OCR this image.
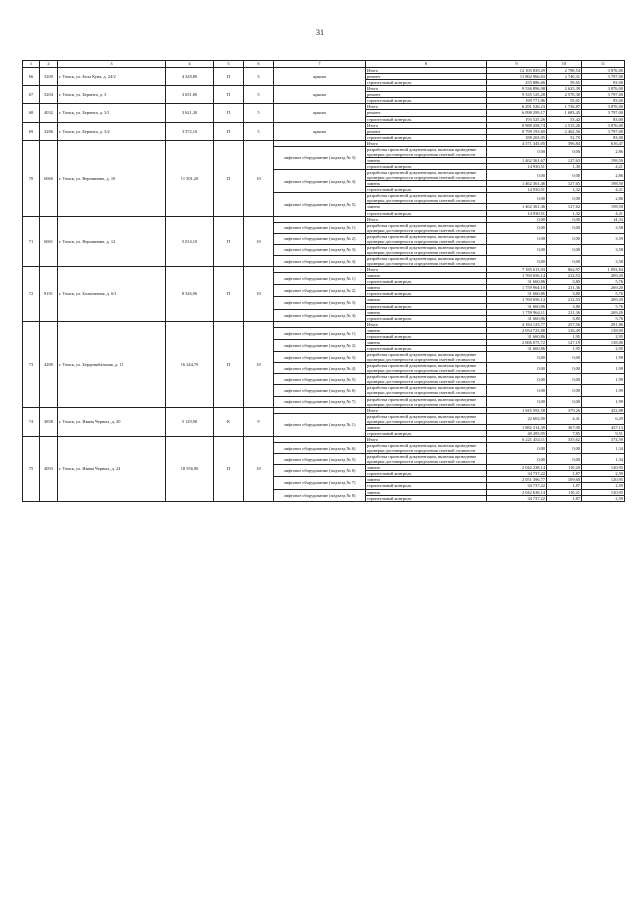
31
1	2	3	4	5	6	7	8	9	10	11
66	5200	г. Томск, ул. Бела Куна, д. 24/2	4 328,80	П	5	крыша	Итого	12 105 839,29	2 798,54	3 876,00
							ремонт	11 862 966,63	2 740,31	3 797,00
							строительный контроль	255 886,66	59,65	83,00
67	5204	г. Томск, ул. Беринга, д. 3	3 651,80	П	5	крыша	Итого	9 536 896,98	2 625,39	3 876,00
							ремонт	9 335 125,28	2 570,38	3 797,00
							строительный контроль	199 771,86	55,01	83,00
68	4032	г. Томск, ул. Беринга, д. 3/1	3 621,30	П	5	крыша	Итого	6 291 526,23	1 736,87	3 876,00
							ремонт	6 098 299,17	1 683,45	3 797,00
							строительный контроль	193 525,26	53,42	83,00
69	3286	г. Томск, ул. Беринга, д. 3/2	3 572,10	П	5	крыша	Итого	8 988 458,74	2 515,26	3 876,00
							ремонт	8 799 193,69	2 462,56	3 797,00
							строительный контроль	188 265,05	52,70	83,00
70	6060	г. Томск, ул. Вершинина, д. 10	11 501,20	П	10		Итого	4 571 345,05	396,84	616,47
						лифтовое оборудование (подъезд № 3)	разработка проектной документации, включая проведение проверки достоверности определения сметной стоимости	0,00	0,00	2,86
							замена	1 462 361,67	127,63	198,50
							строительный контроль	14 930,51	1,30	4,21
						лифтовое оборудование (подъезд № 4)	разработка проектной документации, включая проведение проверки достоверности определения сметной стоимости	0,00	0,00	2,86
							замена	1 462 361,46	127,65	198,50
							строительный контроль	14 930,51	1,32	4,21
						лифтовое оборудование (подъезд № 5)	разработка проектной документации, включая проведение проверки достоверности определения сметной стоимости	0,00	0,00	2,86
							замена	1 462 361,46	127,62	198,50
							строительный контроль	14 930,51	1,32	4,21
71	6061	г. Томск, ул. Вершинина, д. 12	5 014,10	П	10		Итого	0,00	0,00	14,33
						лифтовое оборудование (подъезд № 1)	разработка проектной документации, включая проведение проверки достоверности определения сметной стоимости	0,00	0,00	3,58
						лифтовое оборудование (подъезд № 2)	разработка проектной документации, включая проведение проверки достоверности определения сметной стоимости	0,00	0,00	3,59
						лифтовое оборудование (подъезд № 3)	разработка проектной документации, включая проведение проверки достоверности определения сметной стоимости	0,00	0,00	3,58
						лифтовое оборудование (подъезд № 4)	разработка проектной документации, включая проведение проверки достоверности определения сметной стоимости	0,00	0,00	3,58
72	8191	г. Томск, ул. Больничная, д. 6/1	8 326,96	П	10		Итого	7 185 613,93	862,97	1 093,84
						лифтовое оборудование (подъезд № 1)	замена	1 769 656,14	212,53	269,20
							строительный контроль	31 660,86	3,80	5,76
						лифтовое оборудование (подъезд № 2)	замена	1 759 964,10	211,36	269,20
							строительный контроль	31 660,86	3,80	5,76
						лифтовое оборудование (подъезд № 3)	замена	1 769 656,14	212,53	269,20
							строительный контроль	31 660,86	3,80	5,76
						лифтовое оборудование (подъезд № 4)	замена	1 759 964,11	211,36	269,20
							строительный контроль	31 660,86	3,80	5,76
73	4280	г. Томск, ул. Бердникбальная, д. 11	16 244,79	П	10		Итого	4 184 123,77	257,56	291,86
						лифтовое оборудование (подъезд № 1)	замена	2 054 723,88	126,49	138,00
							строительный контроль	31 660,86	1,95	2,95
						лифтовое оборудование (подъезд № 2)	замена	2 066 075,72	127,19	138,00
							строительный контроль	31 660,86	1,95	2,95
						лифтовое оборудование (подъезд № 3)	разработка проектной документации, включая проведение проверки достоверности определения сметной стоимости	0,00	0,00	1,99
						лифтовое оборудование (подъезд № 4)	разработка проектной документации, включая проведение проверки достоверности определения сметной стоимости	0,00	0,00	1,99
						лифтовое оборудование (подъезд № 5)	разработка проектной документации, включая проведение проверки достоверности определения сметной стоимости	0,00	0,00	1,99
						лифтовое оборудование (подъезд № 6)	разработка проектной документации, включая проведение проверки достоверности определения сметной стоимости	0,00	0,00	1,99
						лифтовое оборудование (подъезд № 7)	разработка проектной документации, включая проведение проверки достоверности определения сметной стоимости	0,00	0,00	1,99
74	4858	г. Томск, ул. Ивана Черных, д. 20	5 129,90	К	9		Итого	1 945 593,58	379,26	452,88
						лифтовое оборудование (подъезд № 1)	разработка проектной документации, включая проведение проверки достоверности определения сметной стоимости	22 602,00	4,41	6,29
							замена	1 882 314,39	367,00	437,13
							строительный контроль	40 285,95	7,85	9,51
75	4093	г. Томск, ул. Ивана Черных, д. 24	18 556,90	П	10		Итого	6 221 454,11	335,62	374,59
						лифтовое оборудование (подъезд № 6)	разработка проектной документации, включая проведение проверки достоверности определения сметной стоимости	0,00	0,00	1,34
						лифтовое оборудование (подъезд № 5)	разработка проектной документации, включая проведение проверки достоверности определения сметной стоимости	0,00	0,00	1,34
						лифтовое оборудование (подъезд № 6)	замена	2 042 238,14	110,20	120,95
							строительный контроль	34 737,22	1,87	2,59
						лифтовое оборудование (подъезд № 7)	замена	2 051 396,77	109,60	120,95
							строительный контроль	34 737,22	1,87	2,59
						лифтовое оборудование (подъезд № 8)	замена	2 042 638,14	110,21	120,95
							строительный контроль	34 737,22	1,87	2,59
